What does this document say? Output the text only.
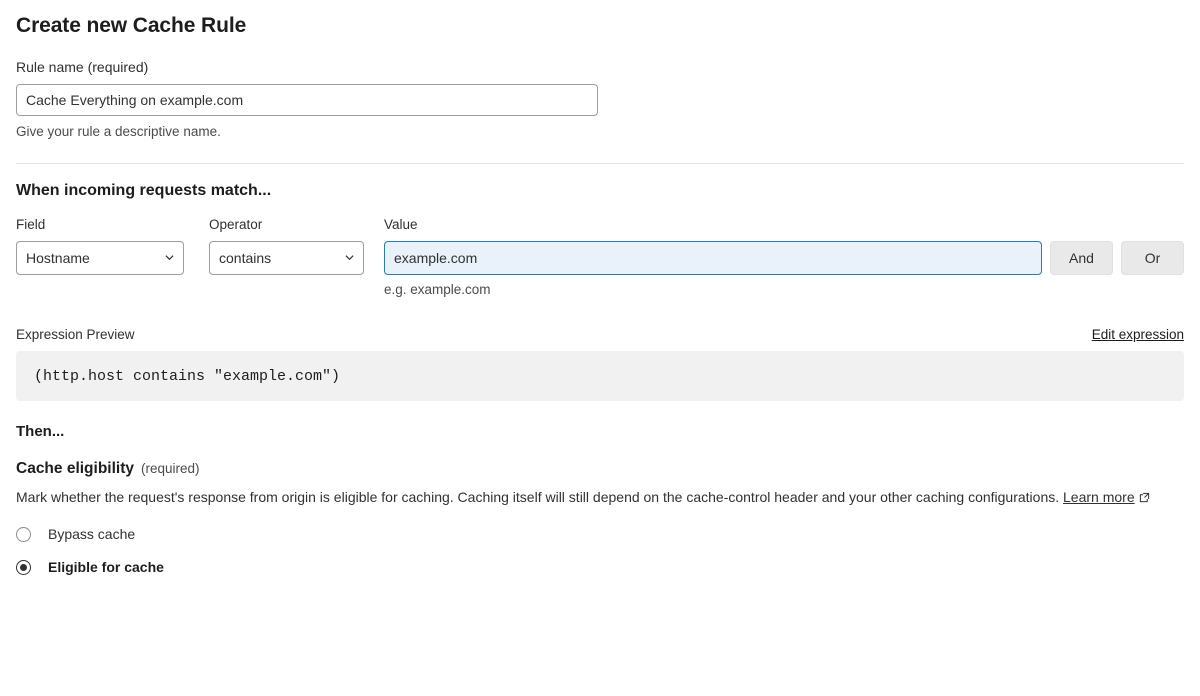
Create new Cache Rule
Rule name (required)
Cache Everything on example.com
Give your rule a descriptive name.
When incoming requests match...
Field
Hostname
Operator
contains
Value
example.com
e.g. example.com
And	Or
Expression Preview	Edit expression
(http.host contains "example.com")
Then...
Cache eligibility (required)
Mark whether the request's response from origin is eligible for caching. Caching itself will still depend on the cache-control header and your other caching configurations. Learn more
Bypass cache
Eligible for cache
